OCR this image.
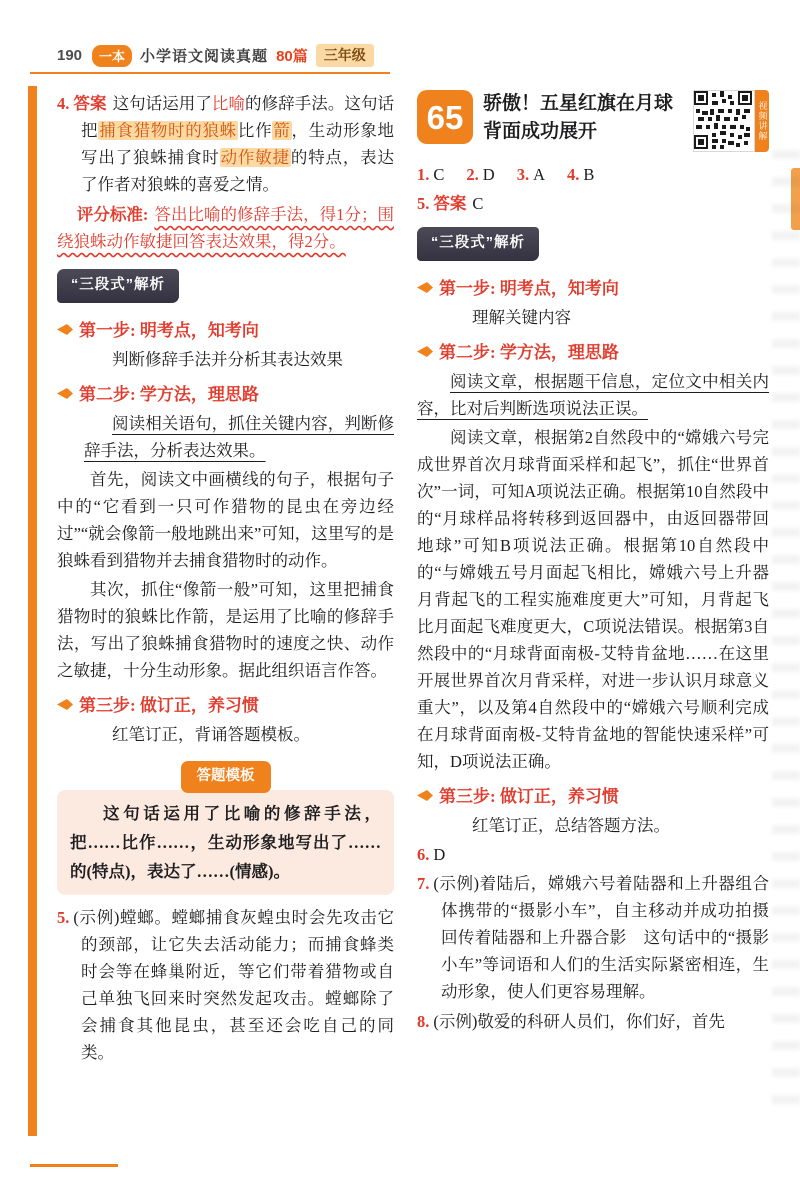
190	一本	小学语文阅读真题 80篇	三年级

4. 答案 这句话运用了比喻的修辞手法。这句话把捕食猎物时的狼蛛比作箭，生动形象地写出了狼蛛捕食时动作敏捷的特点，表达了作者对狼蛛的喜爱之情。

评分标准: 答出比喻的修辞手法，得1分；围绕狼蛛动作敏捷回答表达效果，得2分。

“三段式”解析

第一步: 明考点，知考向

判断修辞手法并分析其表达效果

第二步: 学方法，理思路

阅读相关语句，抓住关键内容，判断修辞手法，分析表达效果。

首先，阅读文中画横线的句子，根据句子中的“它看到一只可作猎物的昆虫在旁边经过”“就会像箭一般地跳出来”可知，这里写的是狼蛛看到猎物并去捕食猎物时的动作。

其次，抓住“像箭一般”可知，这里把捕食猎物时的狼蛛比作箭，是运用了比喻的修辞手法，写出了狼蛛捕食猎物时的速度之快、动作之敏捷，十分生动形象。据此组织语言作答。

第三步: 做订正，养习惯

红笔订正，背诵答题模板。

答题模板

这句话运用了比喻的修辞手法，把……比作……，生动形象地写出了……的(特点)，表达了……(情感)。

5. (示例)螳螂。螳螂捕食灰蝗虫时会先攻击它的颈部，让它失去活动能力；而捕食蜂类时会等在蜂巢附近，等它们带着猎物或自己单独飞回来时突然发起攻击。螳螂除了会捕食其他昆虫，甚至还会吃自己的同类。

65	骄傲！五星红旗在月球背面成功展开	视频讲解

1. C 2. D 3. A 4. B

5. 答案 C

“三段式”解析

第一步: 明考点，知考向

理解关键内容

第二步: 学方法，理思路

阅读文章，根据题干信息，定位文中相关内容，比对后判断选项说法正误。

阅读文章，根据第2自然段中的“嫦娥六号完成世界首次月球背面采样和起飞”，抓住“世界首次”一词，可知A项说法正确。根据第10自然段中的“月球样品将转移到返回器中，由返回器带回地球”可知B项说法正确。根据第10自然段中的“与嫦娥五号月面起飞相比，嫦娥六号上升器月背起飞的工程实施难度更大”可知，月背起飞比月面起飞难度更大，C项说法错误。根据第3自然段中的“月球背面南极-艾特肯盆地……在这里开展世界首次月背采样，对进一步认识月球意义重大”，以及第4自然段中的“嫦娥六号顺利完成在月球背面南极-艾特肯盆地的智能快速采样”可知，D项说法正确。

第三步: 做订正，养习惯

红笔订正，总结答题方法。

6. D

7. (示例)着陆后，嫦娥六号着陆器和上升器组合体携带的“摄影小车”，自主移动并成功拍摄回传着陆器和上升器合影　这句话中的“摄影小车”等词语和人们的生活实际紧密相连，生动形象，使人们更容易理解。

8. (示例)敬爱的科研人员们，你们好，首先
